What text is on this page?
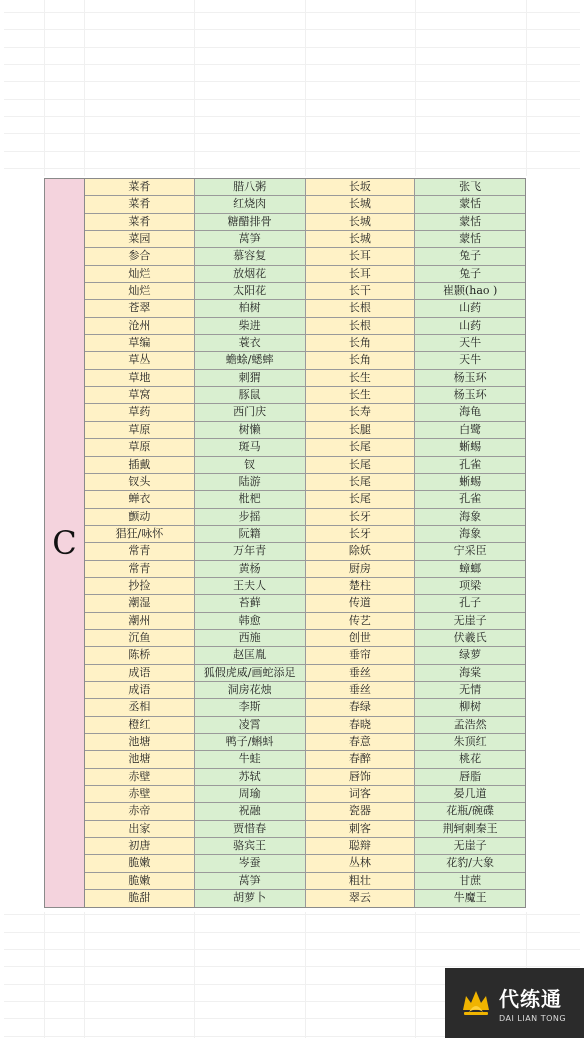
C
菜肴	腊八粥	长坂	张飞
菜肴	红烧肉	长城	蒙恬
菜肴	糖醋排骨	长城	蒙恬
菜园	莴笋	长城	蒙恬
参合	慕容复	长耳	兔子
灿烂	放烟花	长耳	兔子
灿烂	太阳花	长干	崔颢(hao )
苍翠	柏树	长根	山药
沧州	柴进	长根	山药
草编	蓑衣	长角	天牛
草丛	蟾蜍/蟋蟀	长角	天牛
草地	刺猬	长生	杨玉环
草窝	豚鼠	长生	杨玉环
草药	西门庆	长寿	海龟
草原	树懒	长腿	白鹭
草原	斑马	长尾	蜥蜴
插戴	钗	长尾	孔雀
钗头	陆游	长尾	蜥蜴
蝉衣	枇杷	长尾	孔雀
颤动	步摇	长牙	海象
猖狂/咏怀	阮籍	长牙	海象
常青	万年青	除妖	宁采臣
常青	黄杨	厨房	蟑螂
抄捡	王夫人	楚柱	项梁
潮湿	苔藓	传道	孔子
潮州	韩愈	传艺	无崖子
沉鱼	西施	创世	伏羲氏
陈桥	赵匡胤	垂帘	绿萝
成语	狐假虎威/画蛇添足	垂丝	海棠
成语	洞房花烛	垂丝	无情
丞相	李斯	春绿	柳树
橙红	凌霄	春晓	孟浩然
池塘	鸭子/蝌蚪	春意	朱顶红
池塘	牛蛙	春醉	桃花
赤壁	苏轼	唇饰	唇脂
赤壁	周瑜	词客	晏几道
赤帝	祝融	瓷器	花瓶/碗碟
出家	贾惜春	刺客	荆轲刺秦王
初唐	骆宾王	聪辩	无崖子
脆嫩	岑蚕	丛林	花豹/大象
脆嫩	莴笋	粗壮	甘蔗
脆甜	胡萝卜	翠云	牛魔王
代练通
DAI LIAN TONG
